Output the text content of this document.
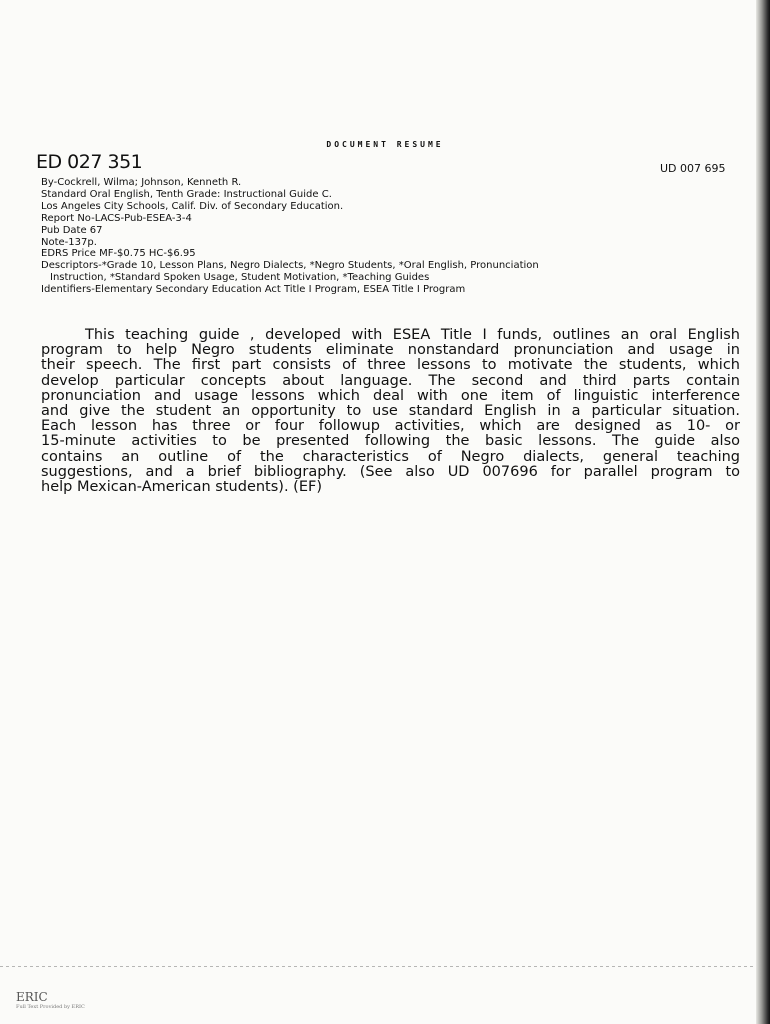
DOCUMENT RESUME
ED 027 351	UD 007 695
By-Cockrell, Wilma; Johnson, Kenneth R.
Standard Oral English, Tenth Grade: Instructional Guide C.
Los Angeles City Schools, Calif. Div. of Secondary Education.
Report No-LACS-Pub-ESEA-3-4
Pub Date 67
Note-137p.
EDRS Price MF-$0.75 HC-$6.95
Descriptors-*Grade 10, Lesson Plans, Negro Dialects, *Negro Students, *Oral English, Pronunciation
Instruction, *Standard Spoken Usage, Student Motivation, *Teaching Guides
Identifiers-Elementary Secondary Education Act Title I Program, ESEA Title I Program
This teaching guide , developed with ESEA Title I funds, outlines an oral English
program to help Negro students eliminate nonstandard pronunciation and usage in
their speech. The first part consists of three lessons to motivate the students, which
develop particular concepts about language. The second and third parts contain
pronunciation and usage lessons which deal with one item of linguistic interference
and give the student an opportunity to use standard English in a particular situation.
Each lesson has three or four followup activities, which are designed as 10- or
15-minute activities to be presented following the basic lessons. The guide also
contains an outline of the characteristics of Negro dialects, general teaching
suggestions, and a brief bibliography. (See also UD 007696 for parallel program to
help Mexican-American students). (EF)
ERIC
Full Text Provided by ERIC
